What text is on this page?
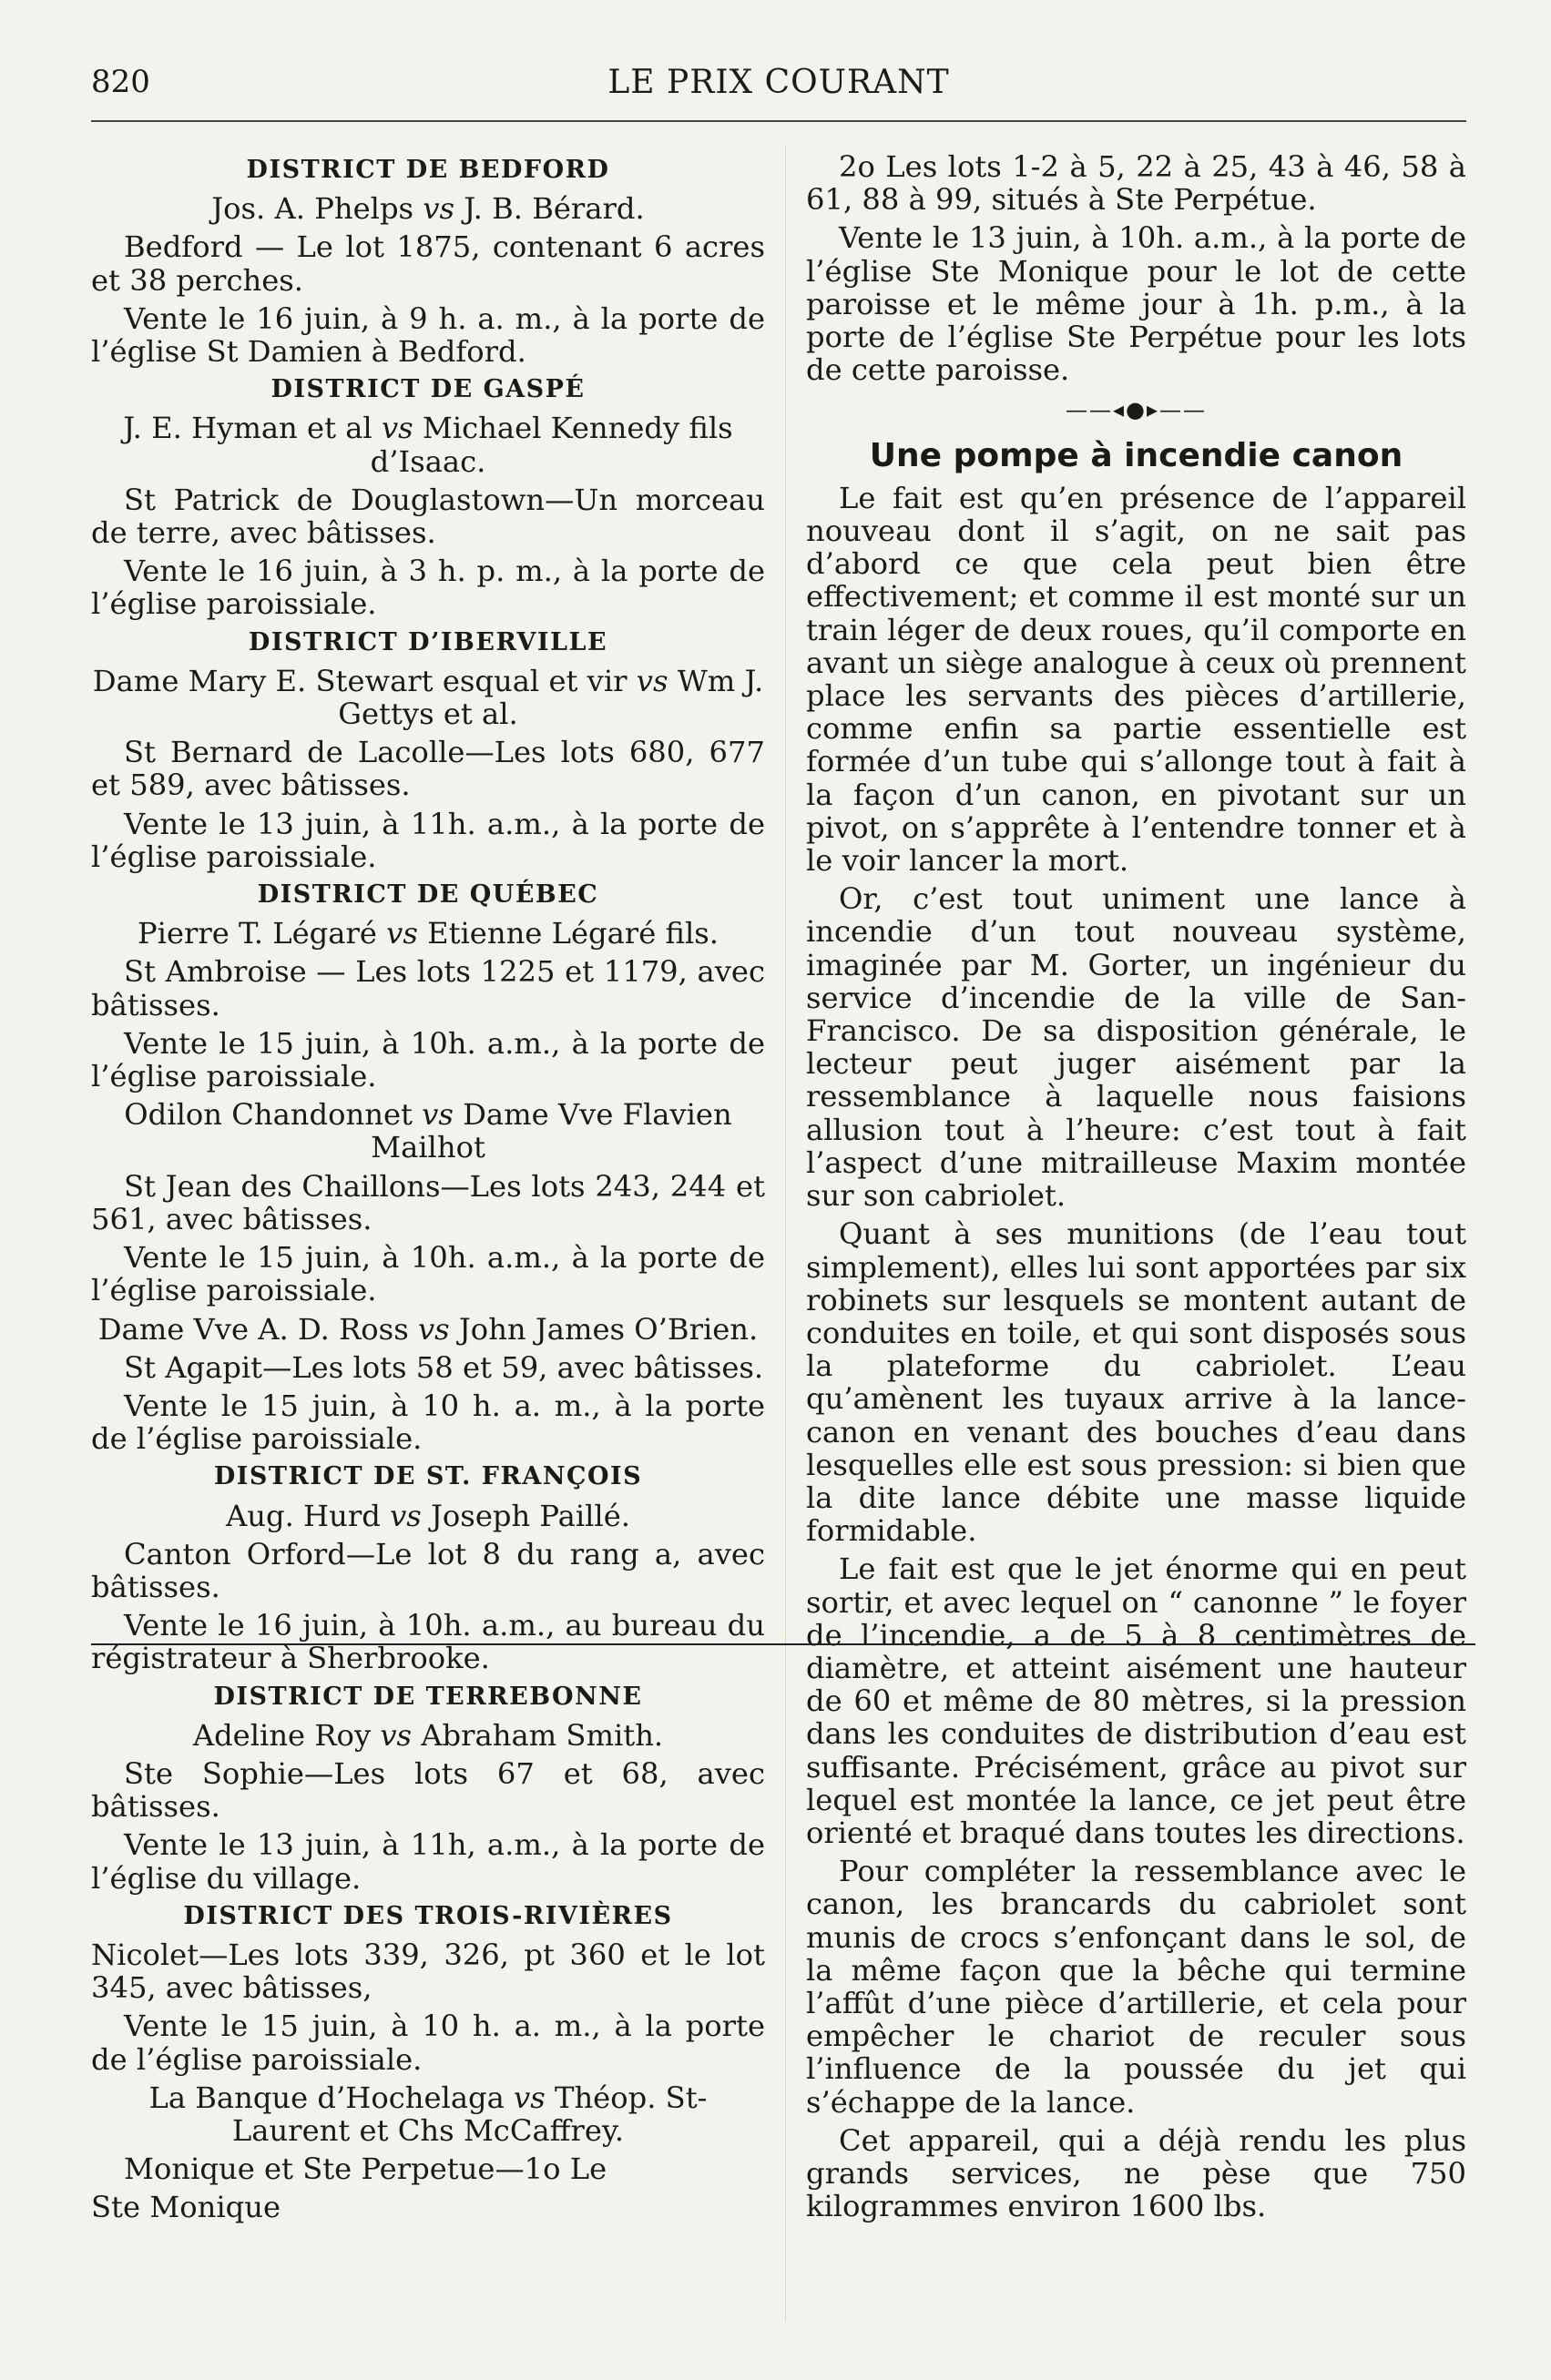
820	LE PRIX COURANT
DISTRICT DE BEDFORD
Jos. A. Phelps vs J. B. Bérard.

Bedford — Le lot 1875, contenant 6 acres et 38 perches.

Vente le 16 juin, à 9 h. a. m., à la porte de l’église St Damien à Bedford.

DISTRICT DE GASPÉ
J. E. Hyman et al vs Michael Kennedy fils d’Isaac.

St Patrick de Douglastown—Un morceau de terre, avec bâtisses.

Vente le 16 juin, à 3 h. p. m., à la porte de l’église paroissiale.

DISTRICT D’IBERVILLE
Dame Mary E. Stewart esqual et vir vs Wm J. Gettys et al.

St Bernard de Lacolle—Les lots 680, 677 et 589, avec bâtisses.

Vente le 13 juin, à 11h. a.m., à la porte de l’église paroissiale.

DISTRICT DE QUÉBEC
Pierre T. Légaré vs Etienne Légaré fils.

St Ambroise — Les lots 1225 et 1179, avec bâtisses.

Vente le 15 juin, à 10h. a.m., à la porte de l’église paroissiale.

Odilon Chandonnet vs Dame Vve Flavien Mailhot

St Jean des Chaillons—Les lots 243, 244 et 561, avec bâtisses.

Vente le 15 juin, à 10h. a.m., à la porte de l’église paroissiale.

Dame Vve A. D. Ross vs John James O’Brien.

St Agapit—Les lots 58 et 59, avec bâtisses.

Vente le 15 juin, à 10 h. a. m., à la porte de l’église paroissiale.

DISTRICT DE ST. FRANÇOIS
Aug. Hurd vs Joseph Paillé.

Canton Orford—Le lot 8 du rang a, avec bâtisses.

Vente le 16 juin, à 10h. a.m., au bureau du régistrateur à Sherbrooke.

DISTRICT DE TERREBONNE
Adeline Roy vs Abraham Smith.

Ste Sophie—Les lots 67 et 68, avec bâtisses.

Vente le 13 juin, à 11h, a.m., à la porte de l’église du village.

DISTRICT DES TROIS-RIVIÈRES

Nicolet—Les lots 339, 326, pt 360 et le lot 345, avec bâtisses,

Vente le 15 juin, à 10 h. a. m., à la porte de l’église paroissiale.

La Banque d’Hochelaga vs Théop. St-Laurent et Chs McCaffrey.

Monique et Ste Perpetue—1o Le

Ste Monique

2o Les lots 1-2 à 5, 22 à 25, 43 à 46, 58 à 61, 88 à 99, situés à Ste Perpétue.

Vente le 13 juin, à 10h. a.m., à la porte de l’église Ste Monique pour le lot de cette paroisse et le même jour à 1h. p.m., à la porte de l’église Ste Perpétue pour les lots de cette paroisse.

——◂●▸——
Une pompe à incendie canon

Le fait est qu’en présence de l’appareil nouveau dont il s’agit, on ne sait pas d’abord ce que cela peut bien être effectivement; et comme il est monté sur un train léger de deux roues, qu’il comporte en avant un siège analogue à ceux où prennent place les servants des pièces d’artillerie, comme enfin sa partie essentielle est formée d’un tube qui s’allonge tout à fait à la façon d’un canon, en pivotant sur un pivot, on s’apprête à l’entendre tonner et à le voir lancer la mort.

Or, c’est tout uniment une lance à incendie d’un tout nouveau système, imaginée par M. Gorter, un ingénieur du service d’incendie de la ville de San-Francisco. De sa disposition générale, le lecteur peut juger aisément par la ressemblance à laquelle nous faisions allusion tout à l’heure: c’est tout à fait l’aspect d’une mitrailleuse Maxim montée sur son cabriolet.

Quant à ses munitions (de l’eau tout simplement), elles lui sont apportées par six robinets sur lesquels se montent autant de conduites en toile, et qui sont disposés sous la plateforme du cabriolet. L’eau qu’amènent les tuyaux arrive à la lance-canon en venant des bouches d’eau dans lesquelles elle est sous pression: si bien que la dite lance débite une masse liquide formidable.

Le fait est que le jet énorme qui en peut sortir, et avec lequel on “ canonne ” le foyer de l’incendie, a de 5 à 8 centimètres de diamètre, et atteint aisément une hauteur de 60 et même de 80 mètres, si la pression dans les conduites de distribution d’eau est suffisante. Précisément, grâce au pivot sur lequel est montée la lance, ce jet peut être orienté et braqué dans toutes les directions.

Pour compléter la ressemblance avec le canon, les brancards du cabriolet sont munis de crocs s’enfonçant dans le sol, de la même façon que la bêche qui termine l’affût d’une pièce d’artillerie, et cela pour empêcher le chariot de reculer sous l’influence de la poussée du jet qui s’échappe de la lance.

Cet appareil, qui a déjà rendu les plus grands services, ne pèse que 750 kilogrammes environ 1600 lbs.
